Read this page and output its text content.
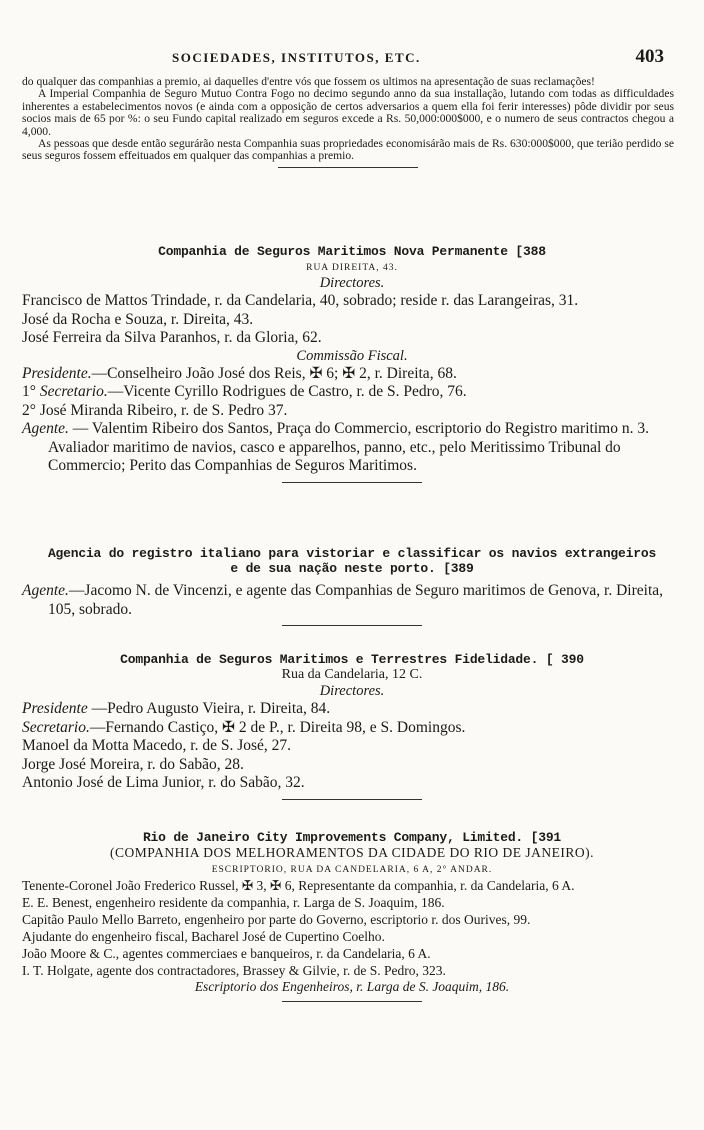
SOCIEDADES, INSTITUTOS, ETC.	403

do qualquer das companhias a premio, ai daquelles d'entre vós que fossem os ultimos na apresentação de suas reclamações!

A Imperial Companhia de Seguro Mutuo Contra Fogo no decimo segundo anno da sua installação, lutando com todas as difficuldades inherentes a estabelecimentos novos (e ainda com a opposição de certos adversarios a quem ella foi ferir interesses) pôde dividir por seus socios mais de 65 por %: o seu Fundo capital realizado em seguros excede a Rs. 50,000:000$000, e o numero de seus contractos chegou a 4,000.

As pessoas que desde então segurárão nesta Companhia suas propriedades economisárão mais de Rs. 630:000$000, que terião perdido se seus seguros fossem effeituados em qualquer das companhias a premio.

Companhia de Seguros Maritimos Nova Permanente [388
RUA DIREITA, 43.
Directores.
Francisco de Mattos Trindade, r. da Candelaria, 40, sobrado; reside r. das Larangeiras, 31.
José da Rocha e Souza, r. Direita, 43.
José Ferreira da Silva Paranhos, r. da Gloria, 62.
Commissão Fiscal.
Presidente.—Conselheiro João José dos Reis, ✠ 6; ✠ 2, r. Direita, 68.
1° Secretario.—Vicente Cyrillo Rodrigues de Castro, r. de S. Pedro, 76.
2° José Miranda Ribeiro, r. de S. Pedro 37.
Agente. — Valentim Ribeiro dos Santos, Praça do Commercio, escriptorio do Registro maritimo n. 3. Avaliador maritimo de navios, casco e apparelhos, panno, etc., pelo Meritissimo Tribunal do Commercio; Perito das Companhias de Seguros Maritimos.
Agencia do registro italiano para vistoriar e classificar os navios extrangeiros e de sua nação neste porto. [389
Agente.—Jacomo N. de Vincenzi, e agente das Companhias de Seguro maritimos de Genova, r. Direita, 105, sobrado.
Companhia de Seguros Maritimos e Terrestres Fidelidade. [ 390
Rua da Candelaria, 12 C.
Directores.
Presidente —Pedro Augusto Vieira, r. Direita, 84.
Secretario.—Fernando Castiço, ✠ 2 de P., r. Direita 98, e S. Domingos.
Manoel da Motta Macedo, r. de S. José, 27.
Jorge José Moreira, r. do Sabão, 28.
Antonio José de Lima Junior, r. do Sabão, 32.
Rio de Janeiro City Improvements Company, Limited. [391
(COMPANHIA DOS MELHORAMENTOS DA CIDADE DO RIO DE JANEIRO).
ESCRIPTORIO, RUA DA CANDELARIA, 6 A, 2° ANDAR.
Tenente-Coronel João Frederico Russel, ✠ 3, ✠ 6, Representante da companhia, r. da Candelaria, 6 A.
E. E. Benest, engenheiro residente da companhia, r. Larga de S. Joaquim, 186.
Capitão Paulo Mello Barreto, engenheiro por parte do Governo, escriptorio r. dos Ourives, 99.
Ajudante do engenheiro fiscal, Bacharel José de Cupertino Coelho.
João Moore & C., agentes commerciaes e banqueiros, r. da Candelaria, 6 A.
I. T. Holgate, agente dos contractadores, Brassey & Gilvie, r. de S. Pedro, 323.
Escriptorio dos Engenheiros, r. Larga de S. Joaquim, 186.
